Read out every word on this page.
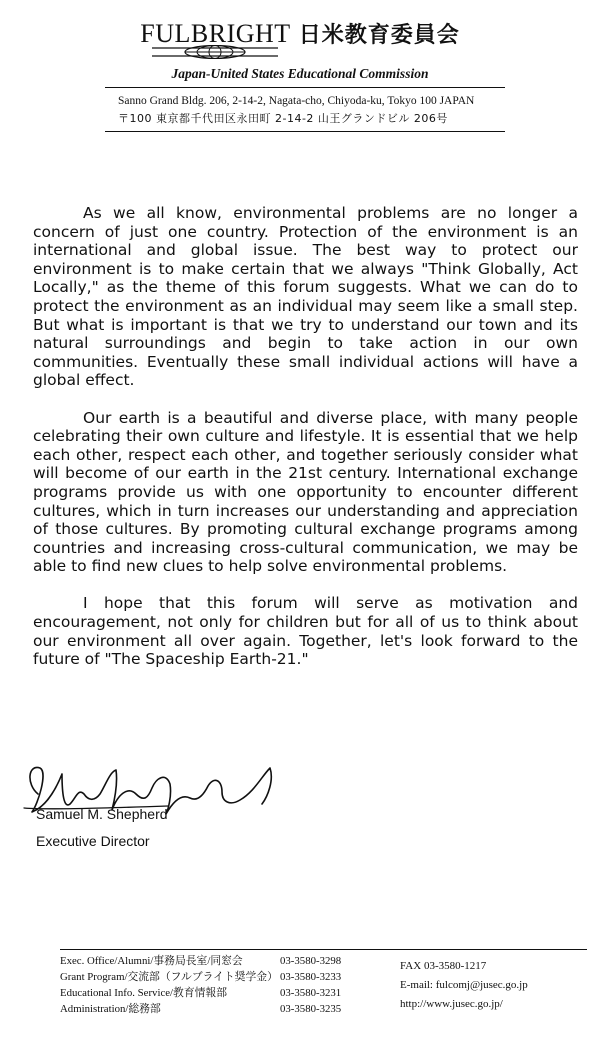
FULBRIGHT 日米教育委員会
Japan-United States Educational Commission
Sanno Grand Bldg. 206, 2-14-2, Nagata-cho, Chiyoda-ku, Tokyo 100 JAPAN
〒100 東京都千代田区永田町 2-14-2 山王グランドビル 206号

As we all know, environmental problems are no longer a concern of just one country. Protection of the environment is an international and global issue. The best way to protect our environment is to make certain that we always "Think Globally, Act Locally," as the theme of this forum suggests. What we can do to protect the environment as an individual may seem like a small step. But what is important is that we try to understand our town and its natural surroundings and begin to take action in our own communities. Eventually these small individual actions will have a global effect.

Our earth is a beautiful and diverse place, with many people celebrating their own culture and lifestyle. It is essential that we help each other, respect each other, and together seriously consider what will become of our earth in the 21st century. International exchange programs provide us with one opportunity to encounter different cultures, which in turn increases our understanding and appreciation of those cultures. By promoting cultural exchange programs among countries and increasing cross-cultural communication, we may be able to find new clues to help solve environmental problems.

I hope that this forum will serve as motivation and encouragement, not only for children but for all of us to think about our environment all over again. Together, let's look forward to the future of "The Spaceship Earth-21."

Samuel M. Shepherd
Executive Director
Exec. Office/Alumni/事務局長室/同窓会	03-3580-3298
Grant Program/交流部（フルブライト奨学金） 03-3580-3233
Educational Info. Service/教育情報部	03-3580-3231
Administration/総務部	03-3580-3235
FAX 03-3580-1217
E-mail: fulcomj@jusec.go.jp
http://www.jusec.go.jp/
